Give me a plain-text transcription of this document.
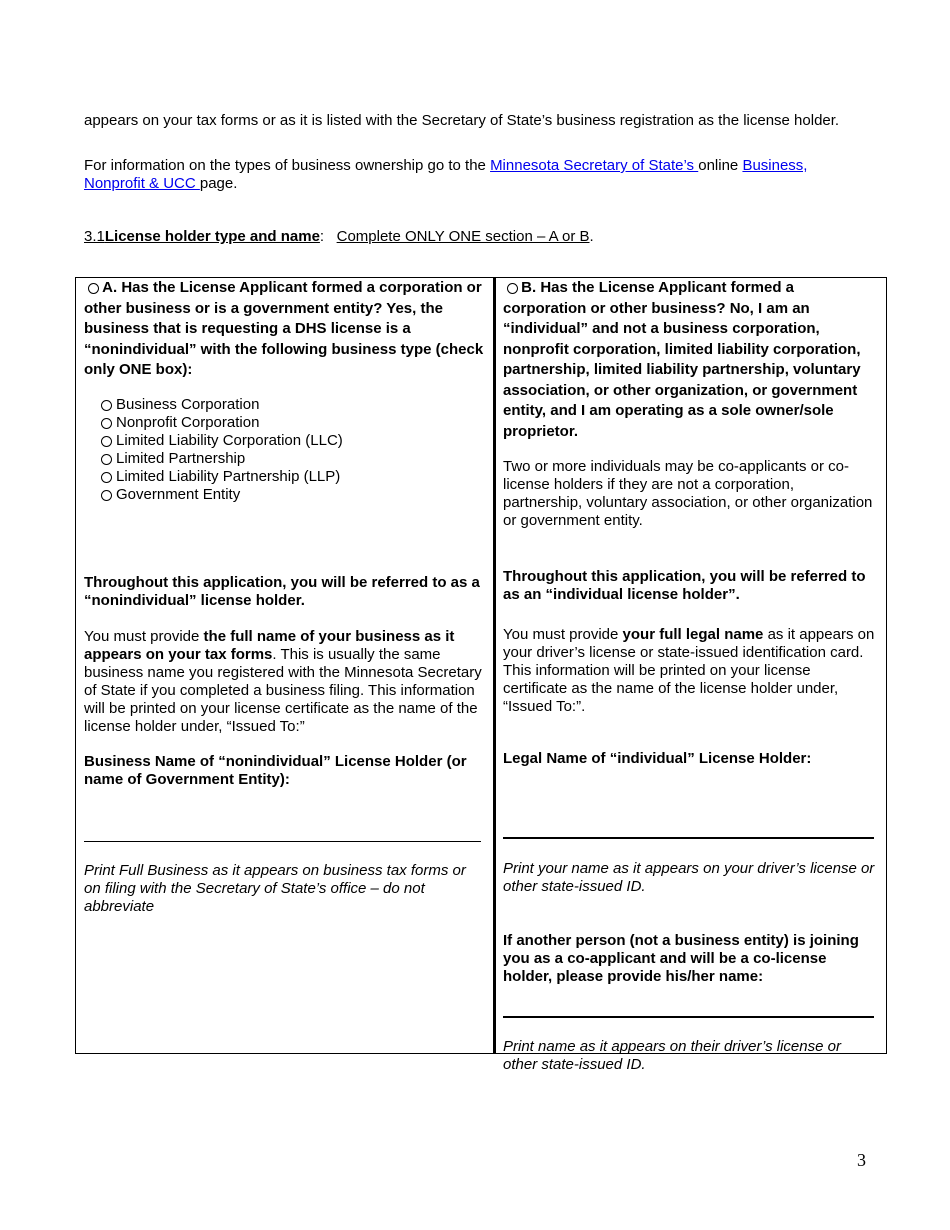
appears on your tax forms or as it is listed with the Secretary of State’s business registration as the license holder.
For information on the types of business ownership go to the Minnesota Secretary of State’s online Business, Nonprofit & UCC page.
3.1License holder type and name: Complete ONLY ONE section – A or B.
A. Has the License Applicant formed a corporation or other business or is a government entity? Yes, the business that is requesting a DHS license is a “nonindividual” with the following business type (check only ONE box):
Business Corporation
Nonprofit Corporation
Limited Liability Corporation (LLC)
Limited Partnership
Limited Liability Partnership (LLP)
Government Entity
Throughout this application, you will be referred to as a “nonindividual” license holder.
You must provide the full name of your business as it appears on your tax forms. This is usually the same business name you registered with the Minnesota Secretary of State if you completed a business filing. This information will be printed on your license certificate as the name of the license holder under, “Issued To:”
Business Name of “nonindividual” License Holder (or name of Government Entity):
Print Full Business as it appears on business tax forms or on filing with the Secretary of State’s office – do not abbreviate
B. Has the License Applicant formed a corporation or other business? No, I am an “individual” and not a business corporation, nonprofit corporation, limited liability corporation, partnership, limited liability partnership, voluntary association, or other organization, or government entity, and I am operating as a sole owner/sole proprietor.
Two or more individuals may be co-applicants or co-license holders if they are not a corporation, partnership, voluntary association, or other organization or government entity.
Throughout this application, you will be referred to as an “individual license holder”.
You must provide your full legal name as it appears on your driver’s license or state-issued identification card. This information will be printed on your license certificate as the name of the license holder under, “Issued To:”.
Legal Name of “individual” License Holder:
Print your name as it appears on your driver’s license or other state-issued ID.
If another person (not a business entity) is joining you as a co-applicant and will be a co-license holder, please provide his/her name:
Print name as it appears on their driver’s license or other state-issued ID.
3
